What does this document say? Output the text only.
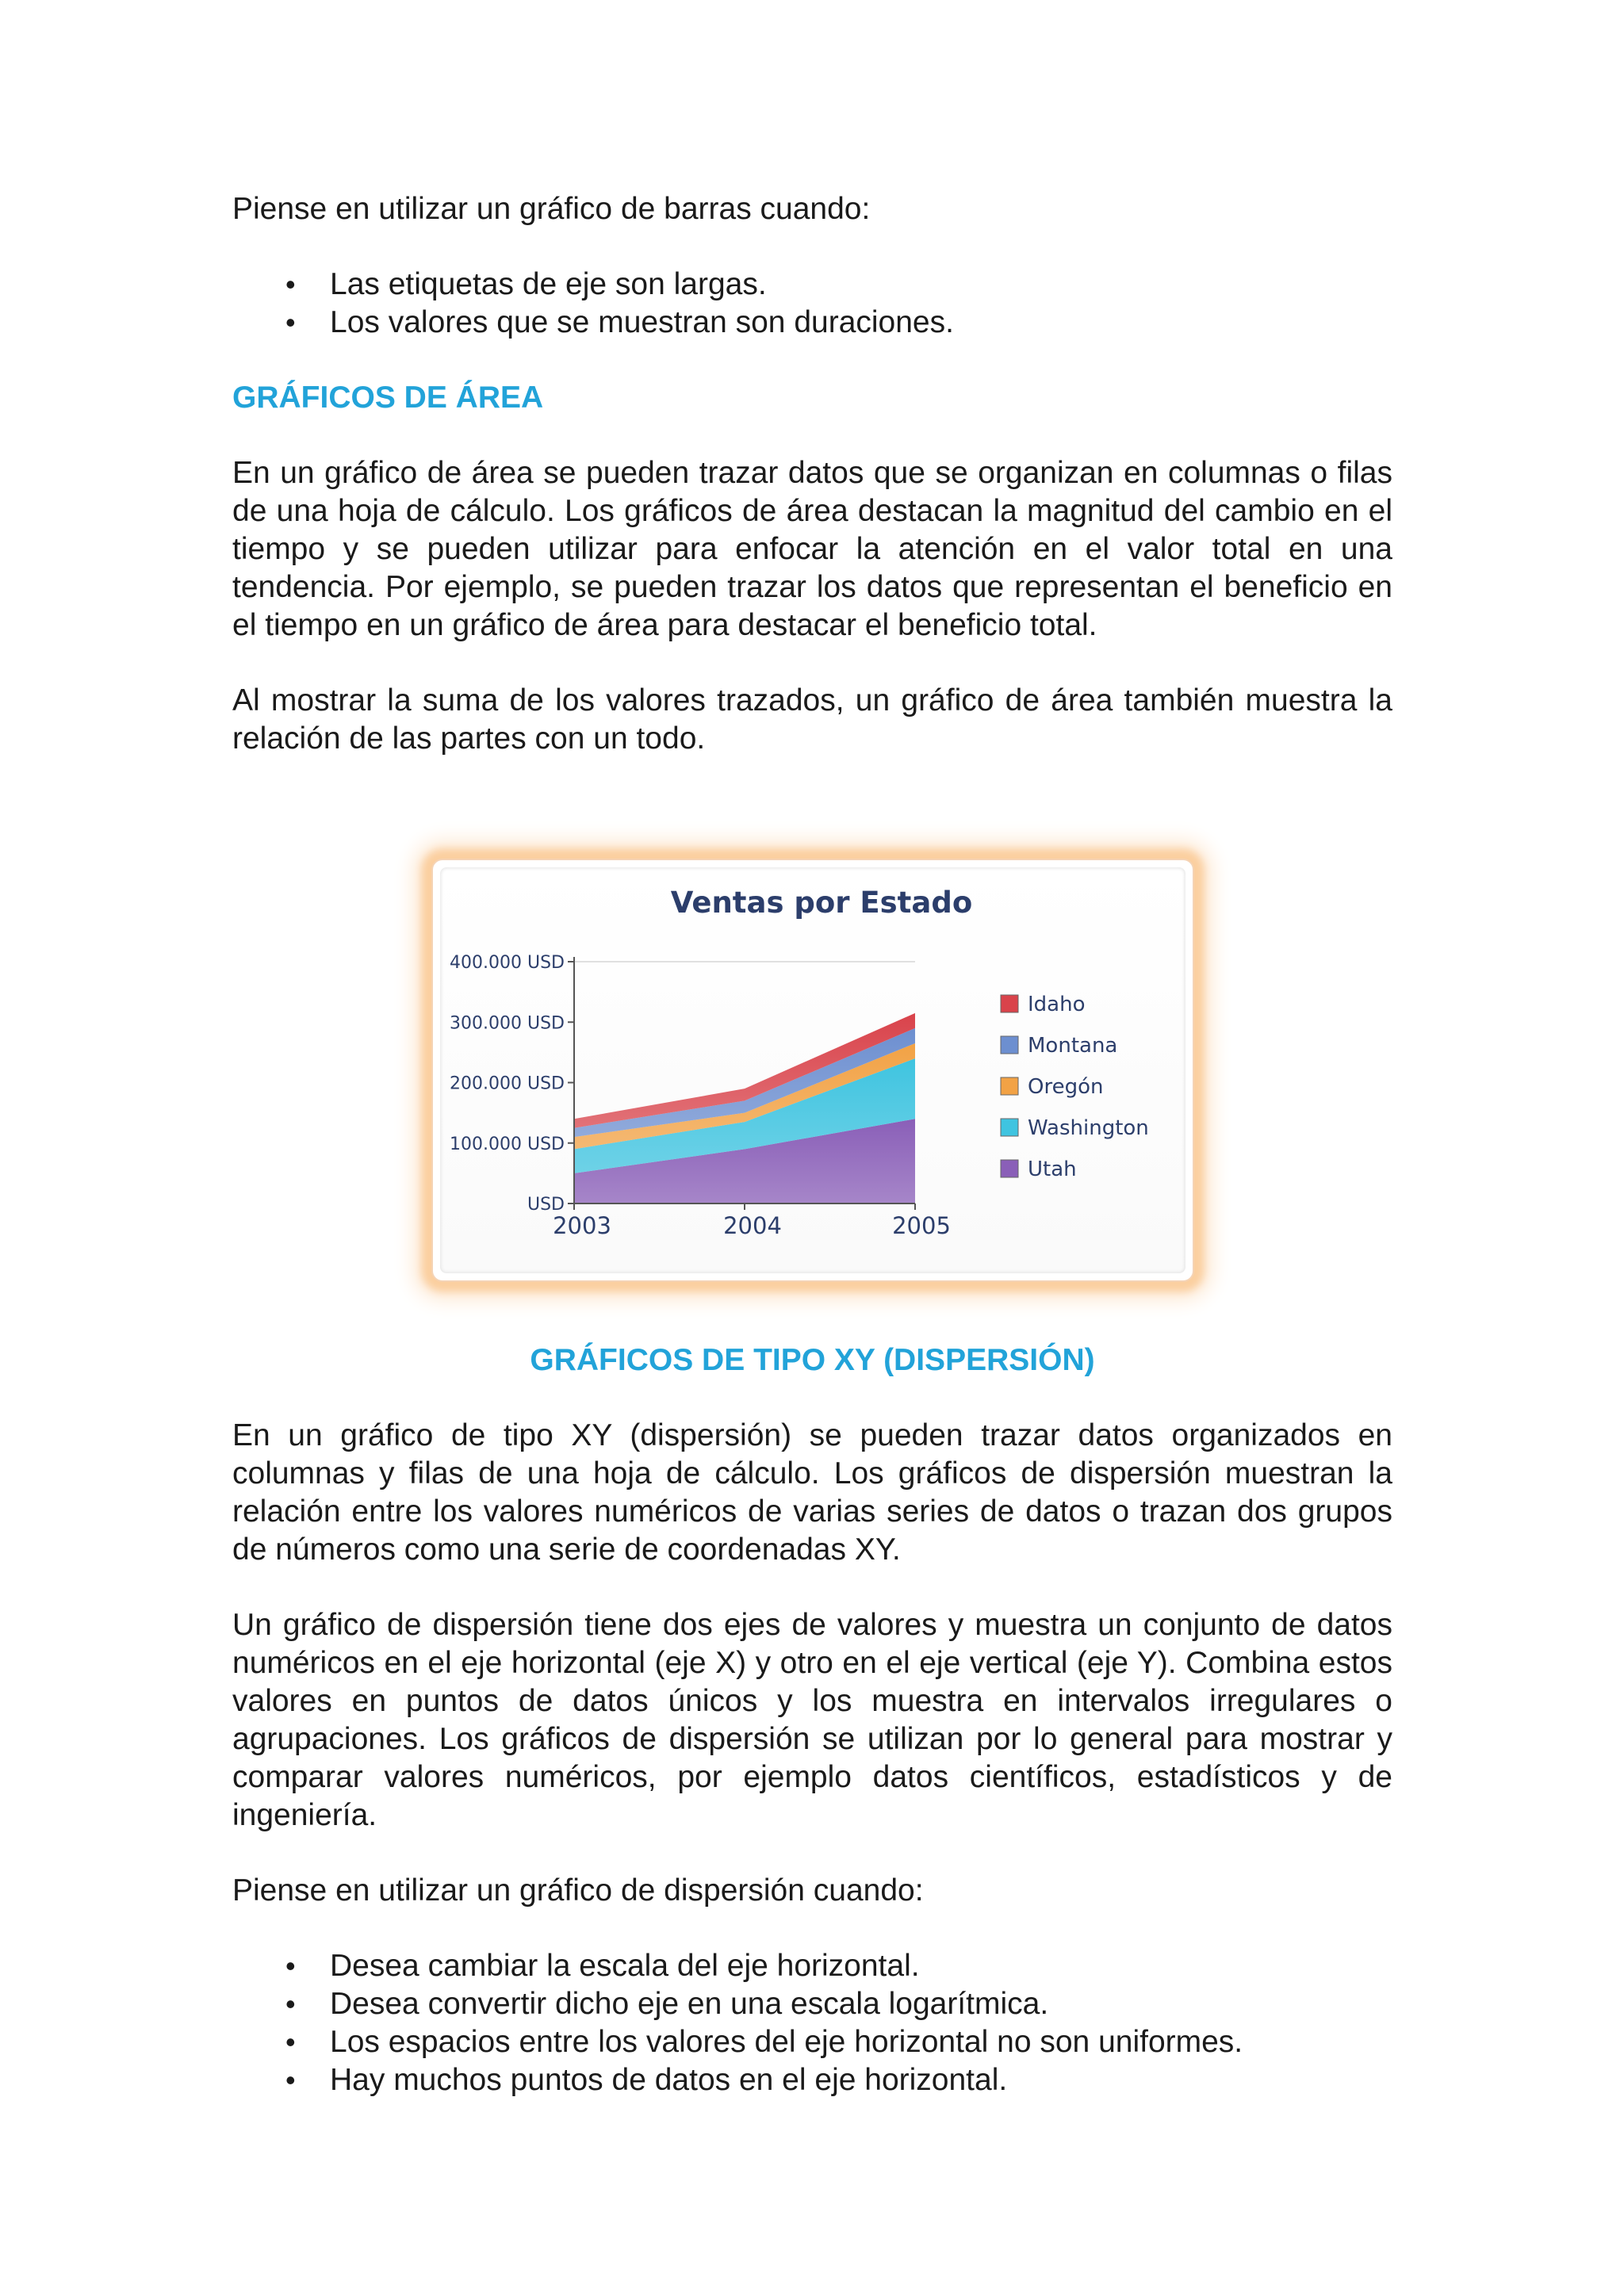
Piense en utilizar un gráfico de barras cuando:

• Las etiquetas de eje son largas.
• Los valores que se muestran son duraciones.
GRÁFICOS DE ÁREA

En un gráfico de área se pueden trazar datos que se organizan en columnas o filas de una hoja de cálculo. Los gráficos de área destacan la magnitud del cambio en el tiempo y se pueden utilizar para enfocar la atención en el valor total en una tendencia. Por ejemplo, se pueden trazar los datos que representan el beneficio en el tiempo en un gráfico de área para destacar el beneficio total.

Al mostrar la suma de los valores trazados, un gráfico de área también muestra la relación de las partes con un todo.

Ventas por Estado
USD
100.000 USD
200.000 USD
300.000 USD
400.000 USD
2003	2004	2005
Idaho
Montana
Oregón
Washington
Utah
GRÁFICOS DE TIPO XY (DISPERSIÓN)

En un gráfico de tipo XY (dispersión) se pueden trazar datos organizados en columnas y filas de una hoja de cálculo. Los gráficos de dispersión muestran la relación entre los valores numéricos de varias series de datos o trazan dos grupos de números como una serie de coordenadas XY.

Un gráfico de dispersión tiene dos ejes de valores y muestra un conjunto de datos numéricos en el eje horizontal (eje X) y otro en el eje vertical (eje Y). Combina estos valores en puntos de datos únicos y los muestra en intervalos irregulares o agrupaciones. Los gráficos de dispersión se utilizan por lo general para mostrar y comparar valores numéricos, por ejemplo datos científicos, estadísticos y de ingeniería.

Piense en utilizar un gráfico de dispersión cuando:

• Desea cambiar la escala del eje horizontal.
• Desea convertir dicho eje en una escala logarítmica.
• Los espacios entre los valores del eje horizontal no son uniformes.
• Hay muchos puntos de datos en el eje horizontal.
